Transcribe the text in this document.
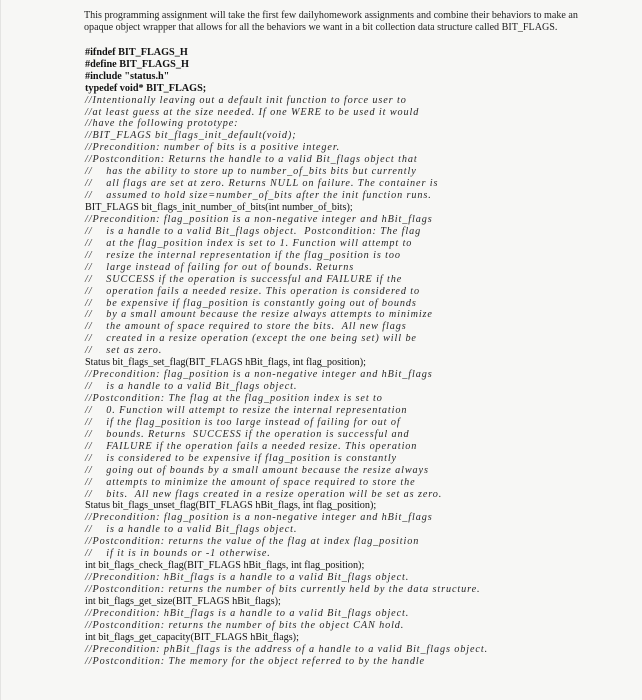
This programming assignment will take the first few dailyhomework assignments and combine their behaviors to make an opaque object wrapper that allows for all the behaviors we want in a bit collection data structure called BIT_FLAGS.

#ifndef BIT_FLAGS_H
#define BIT_FLAGS_H
#include "status.h"
typedef void* BIT_FLAGS;
//Intentionally leaving out a default init function to force user to
//at least guess at the size needed. If one WERE to be used it would
//have the following prototype:
//BIT_FLAGS bit_flags_init_default(void);
//Precondition: number of bits is a positive integer.
//Postcondition: Returns the handle to a valid Bit_flags object that
//    has the ability to store up to number_of_bits bits but currently
//    all flags are set at zero. Returns NULL on failure. The container is
//    assumed to hold size=number_of_bits after the init function runs.
BIT_FLAGS bit_flags_init_number_of_bits(int number_of_bits);
//Precondition: flag_position is a non-negative integer and hBit_flags
//    is a handle to a valid Bit_flags object.  Postcondition: The flag
//    at the flag_position index is set to 1. Function will attempt to
//    resize the internal representation if the flag_position is too
//    large instead of failing for out of bounds. Returns
//    SUCCESS if the operation is successful and FAILURE if the
//    operation fails a needed resize. This operation is considered to
//    be expensive if flag_position is constantly going out of bounds
//    by a small amount because the resize always attempts to minimize
//    the amount of space required to store the bits.  All new flags
//    created in a resize operation (except the one being set) will be
//    set as zero.
Status bit_flags_set_flag(BIT_FLAGS hBit_flags, int flag_position);
//Precondition: flag_position is a non-negative integer and hBit_flags
//    is a handle to a valid Bit_flags object.
//Postcondition: The flag at the flag_position index is set to
//    0. Function will attempt to resize the internal representation
//    if the flag_position is too large instead of failing for out of
//    bounds. Returns  SUCCESS if the operation is successful and
//    FAILURE if the operation fails a needed resize. This operation
//    is considered to be expensive if flag_position is constantly
//    going out of bounds by a small amount because the resize always
//    attempts to minimize the amount of space required to store the
//    bits.  All new flags created in a resize operation will be set as zero.
Status bit_flags_unset_flag(BIT_FLAGS hBit_flags, int flag_position);
//Precondition: flag_position is a non-negative integer and hBit_flags
//    is a handle to a valid Bit_flags object.
//Postcondition: returns the value of the flag at index flag_position
//    if it is in bounds or -1 otherwise.
int bit_flags_check_flag(BIT_FLAGS hBit_flags, int flag_position);
//Precondition: hBit_flags is a handle to a valid Bit_flags object.
//Postcondition: returns the number of bits currently held by the data structure.
int bit_flags_get_size(BIT_FLAGS hBit_flags);
//Precondition: hBit_flags is a handle to a valid Bit_flags object.
//Postcondition: returns the number of bits the object CAN hold.
int bit_flags_get_capacity(BIT_FLAGS hBit_flags);
//Precondition: phBit_flags is the address of a handle to a valid Bit_flags object.
//Postcondition: The memory for the object referred to by the handle
